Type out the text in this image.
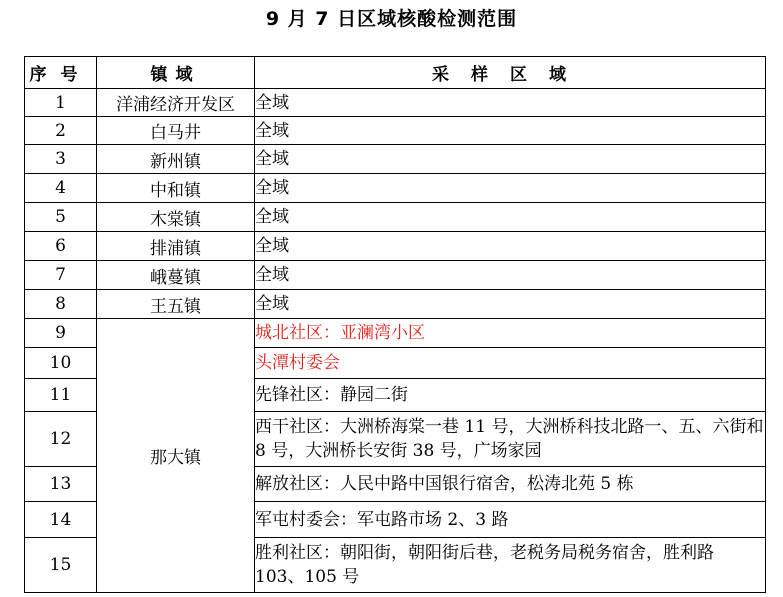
9 月 7 日区域核酸检测范围
序号	镇域	采样区域
1	洋浦经济开发区	全域
2	白马井	全域
3	新州镇	全域
4	中和镇	全域
5	木棠镇	全域
6	排浦镇	全域
7	峨蔓镇	全域
8	王五镇	全域
9	那大镇	城北社区：亚澜湾小区
10		头潭村委会
11		先锋社区：静园二街
12		西干社区：大洲桥海棠一巷 11 号，大洲桥科技北路一、五、六街和 8 号，大洲桥长安街 38 号，广场家园
13		解放社区：人民中路中国银行宿舍，松涛北苑 5 栋
14		军屯村委会：军屯路市场 2、3 路
15		胜利社区：朝阳街，朝阳街后巷，老税务局税务宿舍，胜利路 103、105 号
